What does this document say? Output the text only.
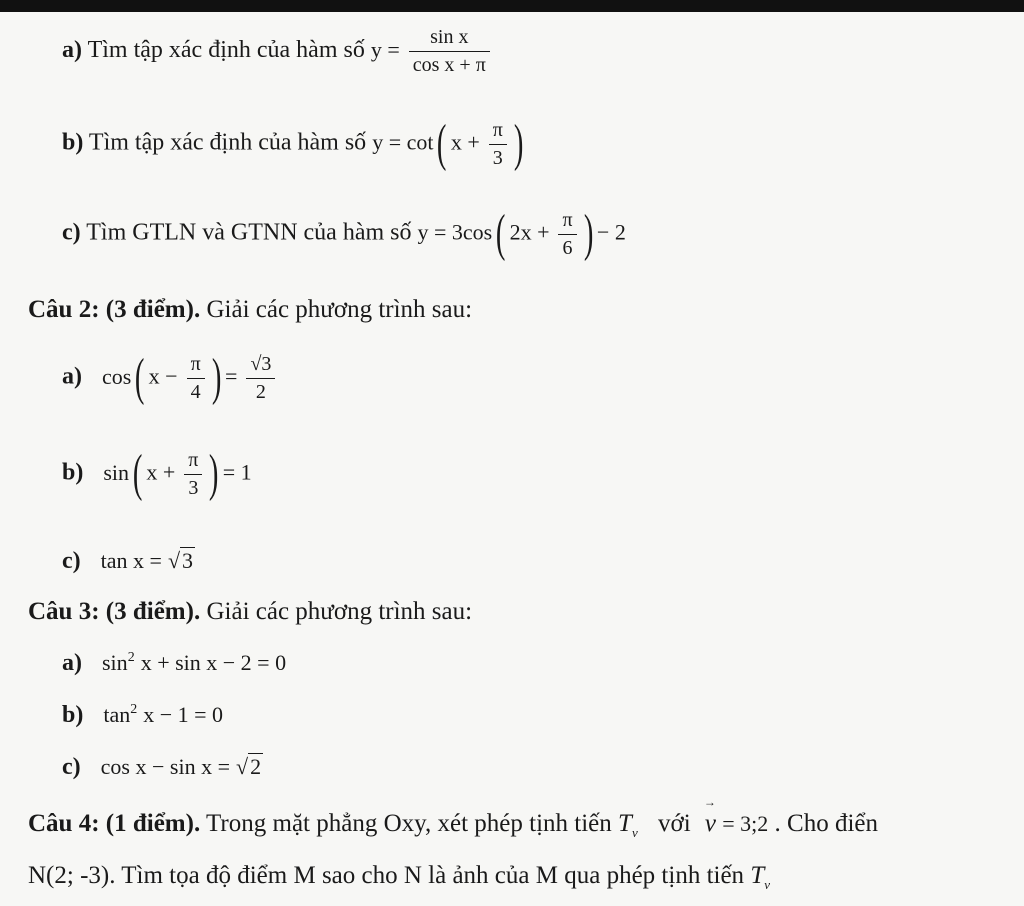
a) Tìm tập xác định của hàm số $y = \frac{\text{sin x}}{\text{cos x + π}}$
b) Tìm tập xác định của hàm số y = cot( $x + \frac{\pi}{3}$ )
c) Tìm GTLN và GTNN của hàm số y = 3cos( $2x + \frac{\pi}{6}$ ) − 2
Câu 2: (3 điểm). Giải các phương trình sau:
a) cos( $x - \frac{\pi}{4}$ ) = $\frac{√3}{2}$
b) sin( $x + \frac{\pi}{3}$ ) = 1
c) tan x = √3
Câu 3: (3 điểm). Giải các phương trình sau:
a) $\sin^2 x + \sin x - 2 = 0$
b) $\tan^2 x - 1 = 0$
c) cos x − sin x = √2
Câu 4: (1 điểm). Trong mặt phẳng Oxy, xét phép tịnh tiến $T_v$ với → v = 3;2 . Cho điển
N(2; -3). Tìm tọa độ điểm M sao cho N là ảnh của M qua phép tịnh tiến $T_v$
